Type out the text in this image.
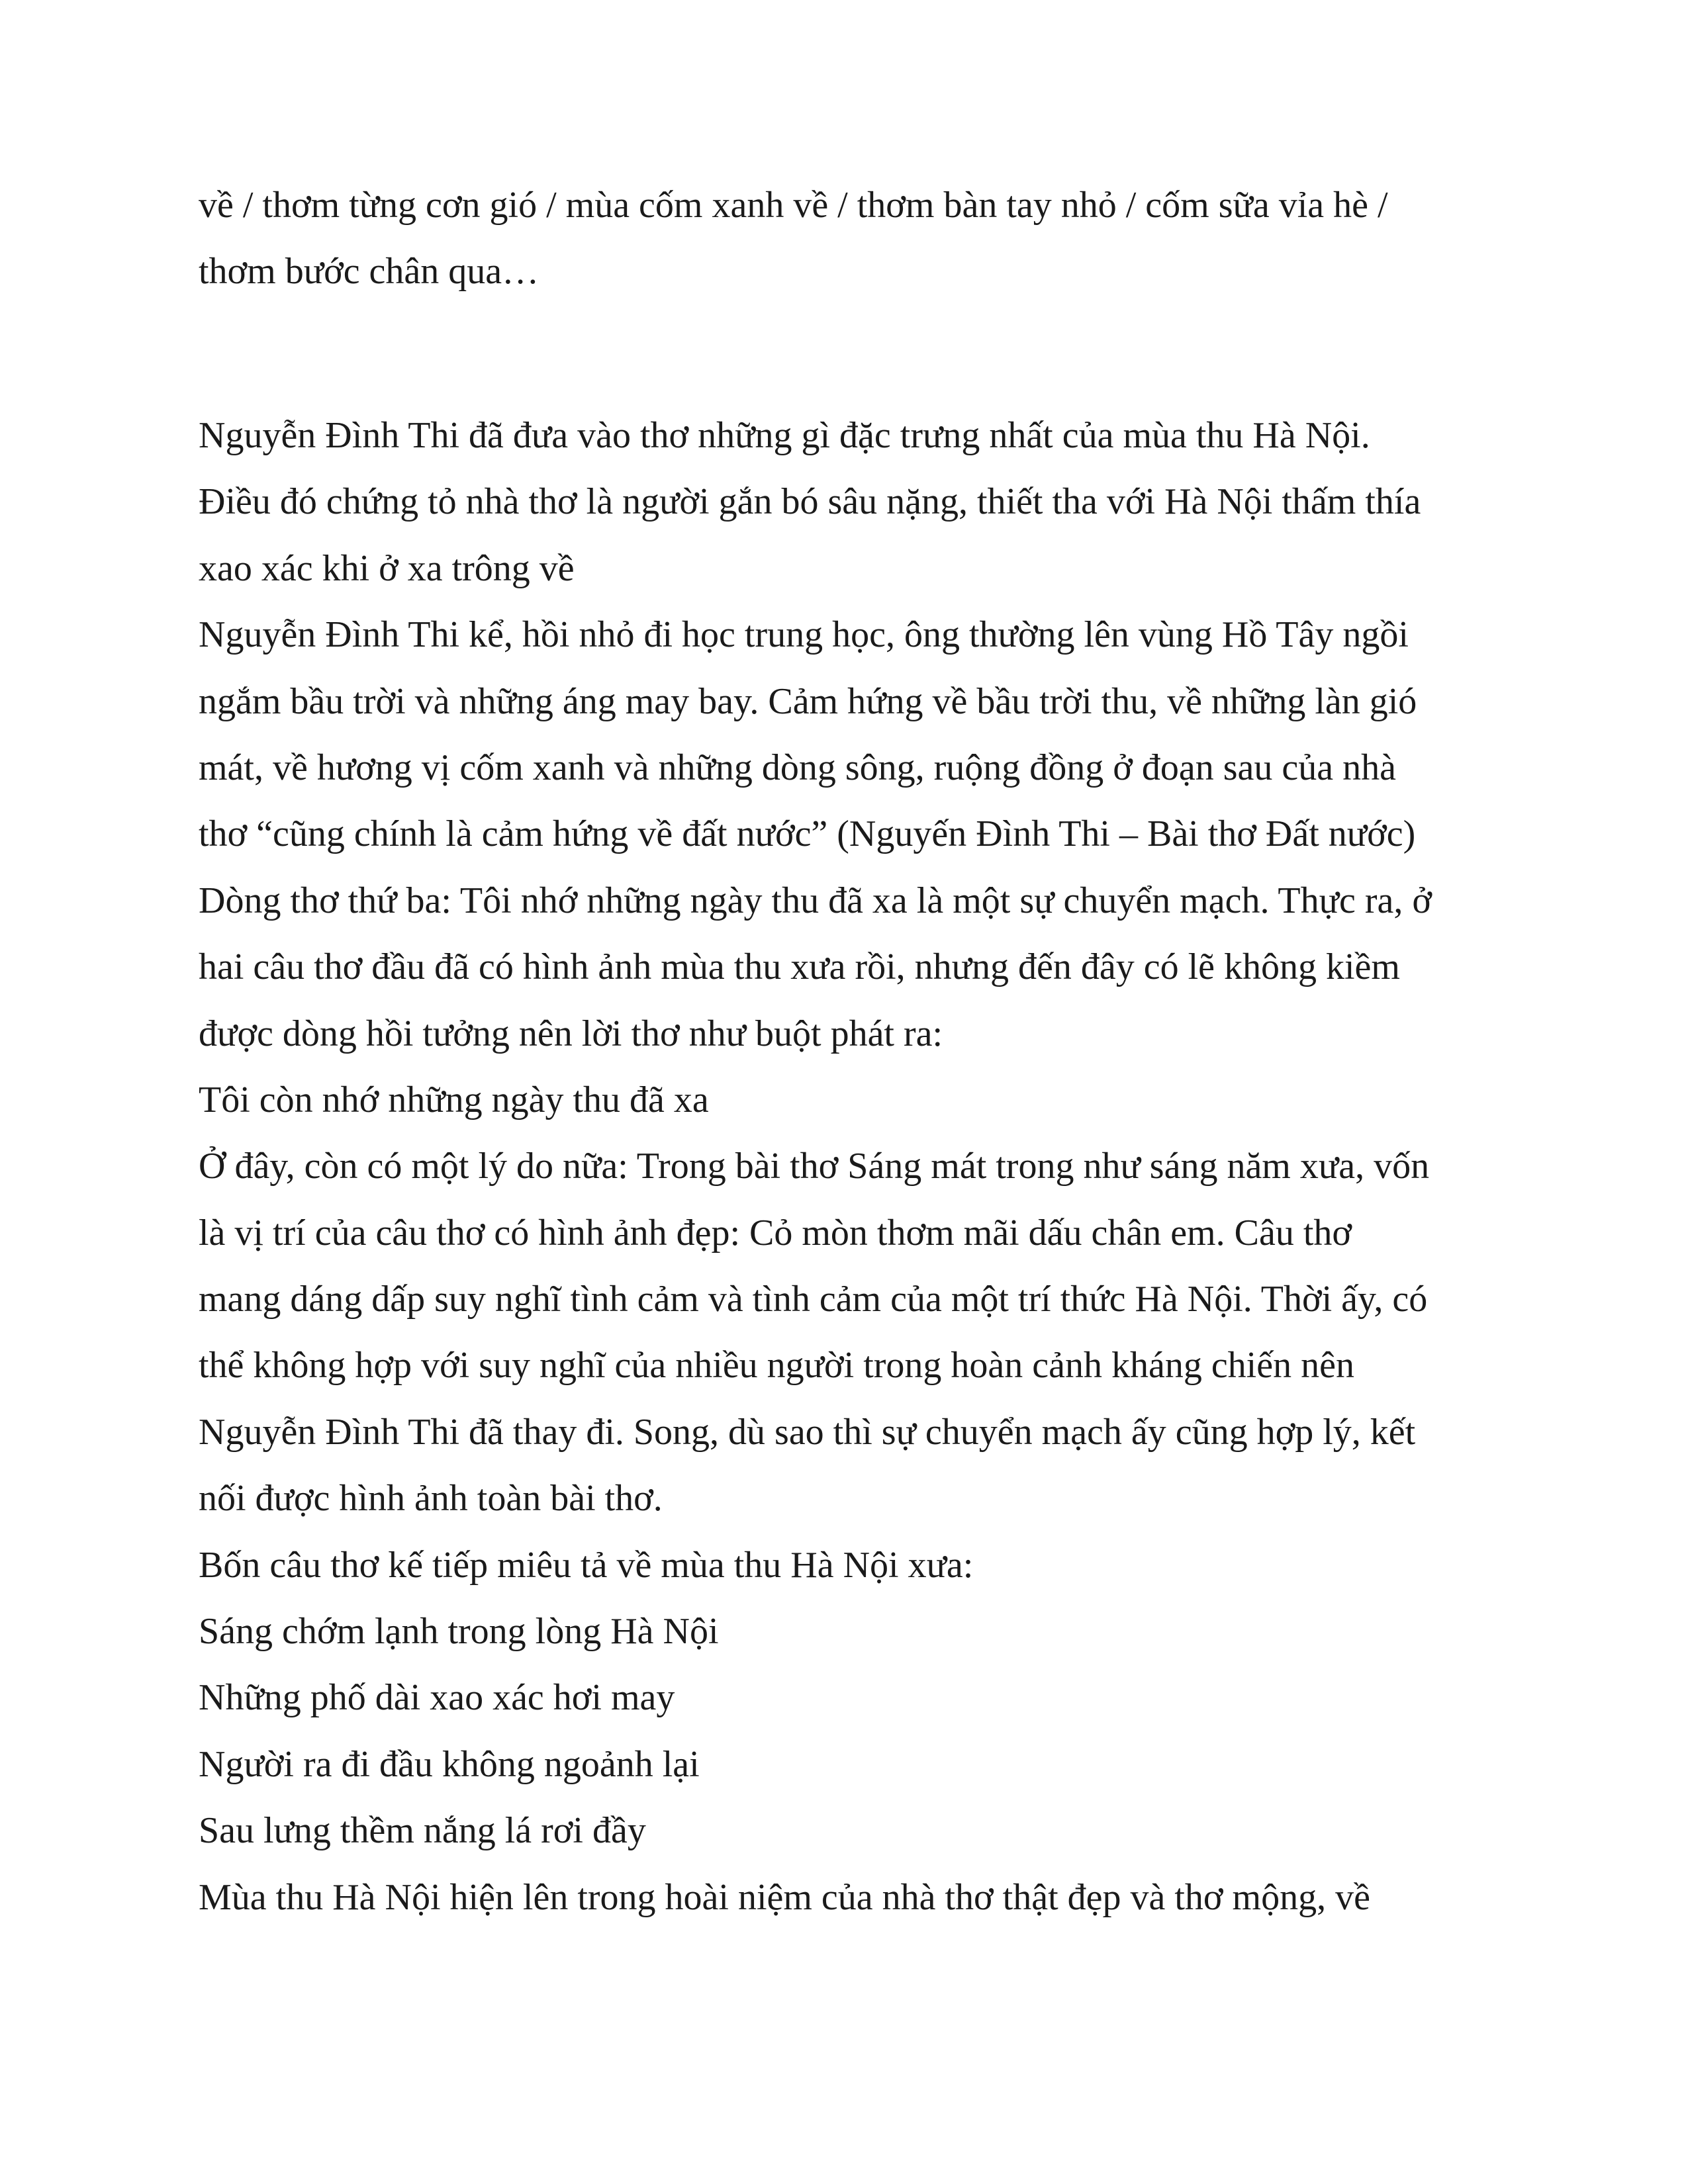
về / thơm từng cơn gió / mùa cốm xanh về / thơm bàn tay nhỏ / cốm sữa vỉa hè /
thơm bước chân qua…
Nguyễn Đình Thi đã đưa vào thơ những gì đặc trưng nhất của mùa thu Hà Nội.
Điều đó chứng tỏ nhà thơ là người gắn bó sâu nặng, thiết tha với Hà Nội thấm thía
xao xác khi ở xa trông về
Nguyễn Đình Thi kể, hồi nhỏ đi học trung học, ông thường lên vùng Hồ Tây ngồi
ngắm bầu trời và những áng may bay. Cảm hứng về bầu trời thu, về những làn gió
mát, về hương vị cốm xanh và những dòng sông, ruộng đồng ở đoạn sau của nhà
thơ “cũng chính là cảm hứng về đất nước” (Nguyến Đình Thi – Bài thơ Đất nước)
Dòng thơ thứ ba: Tôi nhớ những ngày thu đã xa là một sự chuyển mạch. Thực ra, ở
hai câu thơ đầu đã có hình ảnh mùa thu xưa rồi, nhưng đến đây có lẽ không kiềm
được dòng hồi tưởng nên lời thơ như buột phát ra:
Tôi còn nhớ những ngày thu đã xa
Ở đây, còn có một lý do nữa: Trong bài thơ Sáng mát trong như sáng năm xưa, vốn
là vị trí của câu thơ có hình ảnh đẹp: Cỏ mòn thơm mãi dấu chân em. Câu thơ
mang dáng dấp suy nghĩ tình cảm và tình cảm của một trí thức Hà Nội. Thời ấy, có
thể không hợp với suy nghĩ của nhiều người trong hoàn cảnh kháng chiến nên
Nguyễn Đình Thi đã thay đi. Song, dù sao thì sự chuyển mạch ấy cũng hợp lý, kết
nối được hình ảnh toàn bài thơ.
Bốn câu thơ kế tiếp miêu tả về mùa thu Hà Nội xưa:
Sáng chớm lạnh trong lòng Hà Nội
Những phố dài xao xác hơi may
Người ra đi đầu không ngoảnh lại
Sau lưng thềm nắng lá rơi đầy
Mùa thu Hà Nội hiện lên trong hoài niệm của nhà thơ thật đẹp và thơ mộng, về
